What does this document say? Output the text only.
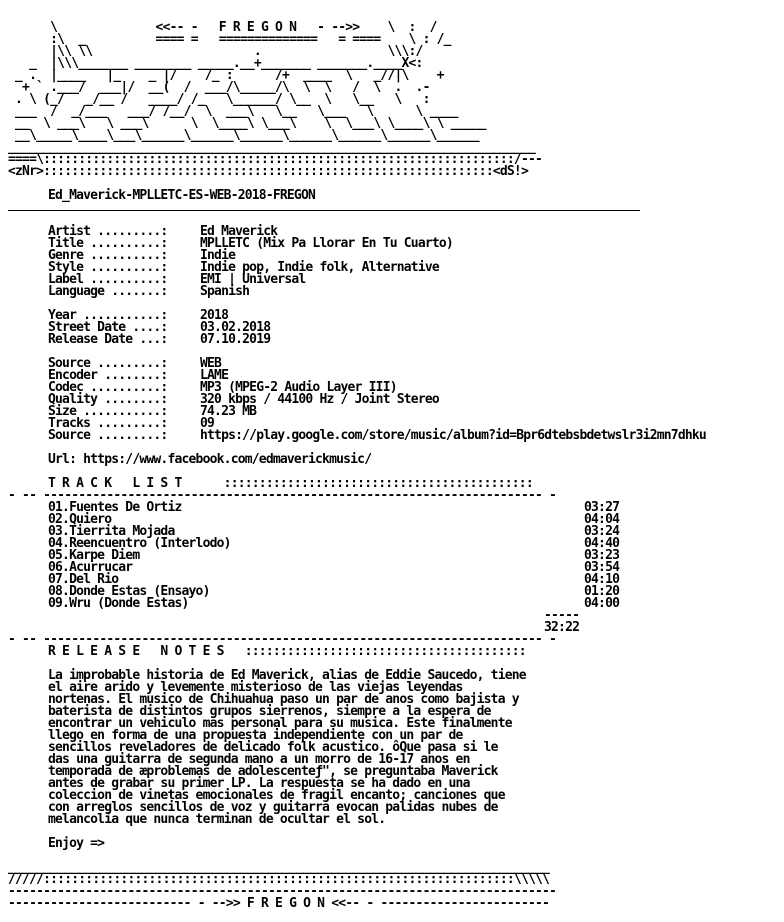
\              <<-- -   F R E G O N   - -->>    \  :  /
:\  _          ==== =   ==============   = ====    \ : /_
|\\ \\                       .                  \\\:/
_  |\\\_______ ________ _____.__+_______ _______.____X<:
_ .  |____   |_    _ |/    /_ :      /+  ____  \   _//|\    +
+ ` .___/  ___|/  __(  /  ___/\_____/\  \  \   /  \  .  .-
. \ (_/   _/__ /   ____/ /_   \______/ \__  \   \__   \   :
___  /  _/___   ___/ /__/  \  ___\   \__   \___   \      \ ____
__  \ ___\   \ ___\      \  \____\ \___\    \  \___\ \____\ \ _____
__\_____\____\___\______\______\______\______\______\______\______
___________________________________________________________________________
====\:::::::::::::::::::::::::::::::::::::::::::::::::::::::::::::::::::/---
<zNr>::::::::::::::::::::::::::::::::::::::::::::::::::::::::::::::::<dS!>

Ed_Maverick-MPLLETC-ES-WEB-2018-FREGON

Artist .........:	Ed Maverick
Title ..........:	MPLLETC (Mix Pa Llorar En Tu Cuarto)
Genre ..........:	Indie
Style ..........:	Indie pop, Indie folk, Alternative
Label ..........:	EMI | Universal
Language .......:	Spanish

Year ...........:	2018
Street Date ....:	03.02.2018
Release Date ...:	07.10.2019

Source .........:	WEB
Encoder ........:	LAME
Codec ..........:	MP3 (MPEG-2 Audio Layer III)
Quality ........:	320 kbps / 44100 Hz / Joint Stereo
Size ...........:	74.23 MB
Tracks .........:	09
Source .........:	https://play.google.com/store/music/album?id=Bpr6dtebsbdetwslr3i2mn7dhku

Url: https://www.facebook.com/edmaverickmusic/

T R A C K   L I S T      ::::::::::::::::::::::::::::::::::::::::::::
- -- ----------------------------------------------------------------------- -
01.Fuentes De Ortiz	03:27
02.Quiero	04:04
03.Tierrita Mojada	03:24
04.Reencuentro (Interlodo)	04:40
05.Karpe Diem	03:23
06.Acurrucar	03:54
07.Del Rio	04:10
08.Donde Estas (Ensayo)	01:20
09.Wru (Donde Estas)	04:00
-----
32:22
- -- ----------------------------------------------------------------------- -
R E L E A S E   N O T E S   ::::::::::::::::::::::::::::::::::::::::

La improbable historia de Ed Maverick, alias de Eddie Saucedo, tiene
el aire arido y levemente misterioso de las viejas leyendas
nortenas. El musico de Chihuahua paso un par de anos como bajista y
baterista de distintos grupos sierrenos, siempre a la espera de
encontrar un vehiculo mas personal para su musica. Este finalmente
llego en forma de una propuesta independiente con un par de
sencillos reveladores de delicado folk acustico. ôQue pasa si le
das una guitarra de segunda mano a un morro de 16-17 anos en
temporada de æproblemas de adolescenteƒ", se preguntaba Maverick
antes de grabar su primer LP. La respuesta se ha dado en una
coleccion de vinetas emocionales de fragil encanto; canciones que
con arreglos sencillos de voz y guitarra evocan palidas nubes de
melancolia que nunca terminan de ocultar el sol.

Enjoy =>

_____________________________________________________________________________
/////:::::::::::::::::::::::::::::::::::::::::::::::::::::::::::::::::::\\\\\
------------------------------------------------------------------------------
-------------------------- - -->> F R E G O N <<-- - ------------------------
